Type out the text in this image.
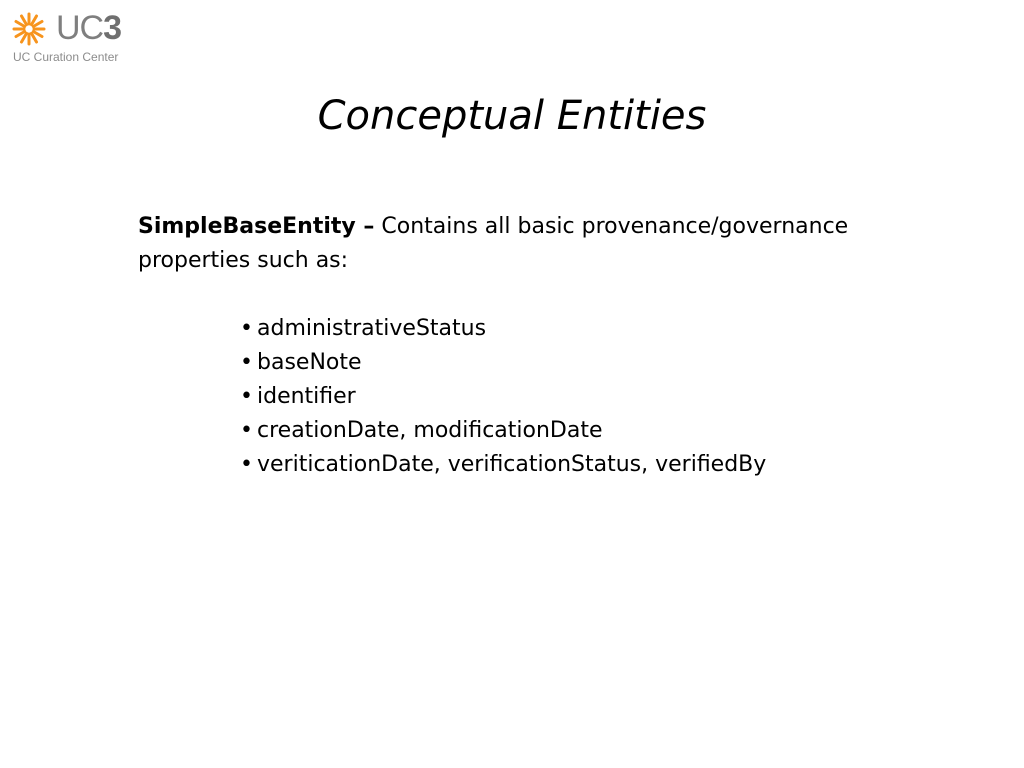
UC3
UC Curation Center
Conceptual Entities

SimpleBaseEntity – Contains all basic provenance/governance properties such as:

• administrativeStatus
• baseNote
• identifier
• creationDate, modificationDate
• veriticationDate, verificationStatus, verifiedBy
